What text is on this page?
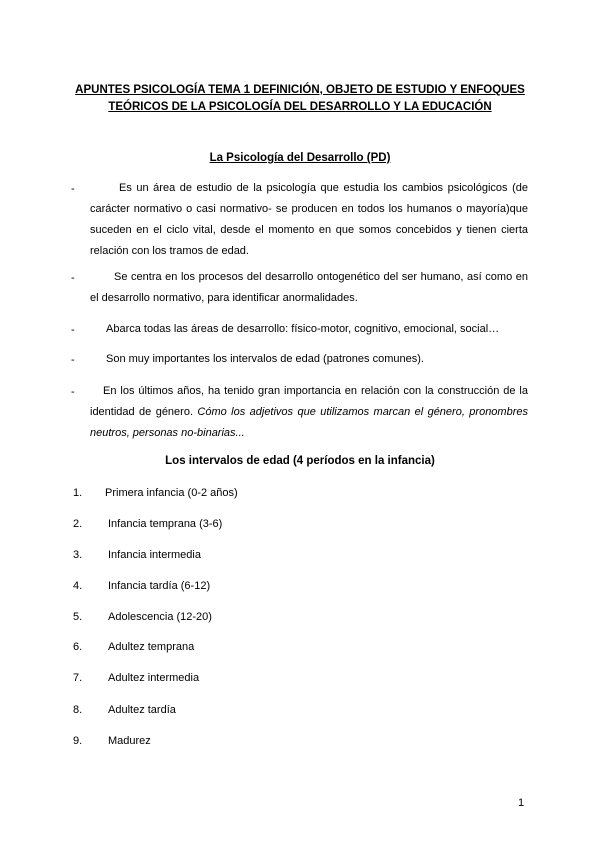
APUNTES PSICOLOGÍA TEMA 1 DEFINICIÓN, OBJETO DE ESTUDIO Y ENFOQUES
TEÓRICOS DE LA PSICOLOGÍA DEL DESARROLLO Y LA EDUCACIÓN
La Psicología del Desarrollo (PD)
-	Es un área de estudio de la psicología que estudia los cambios psicológicos (de carácter normativo o casi normativo- se producen en todos los humanos o mayoría)que suceden en el ciclo vital, desde el momento en que somos concebidos y tienen cierta relación con los tramos de edad.
-	Se centra en los procesos del desarrollo ontogenético del ser humano, así como en el desarrollo normativo, para identificar anormalidades.
-	Abarca todas las áreas de desarrollo: físico-motor, cognitivo, emocional, social…
-	Son muy importantes los intervalos de edad (patrones comunes).
-	En los últimos años, ha tenido gran importancia en relación con la construcción de la identidad de género. Cómo los adjetivos que utilizamos marcan el género, pronombres neutros, personas no-binarias...
Los intervalos de edad (4 períodos en la infancia)
1. Primera infancia (0-2 años)
2. Infancia temprana (3-6)
3. Infancia intermedia
4. Infancia tardía (6-12)
5. Adolescencia (12-20)
6. Adultez temprana
7. Adultez intermedia
8. Adultez tardía
9. Madurez
1
